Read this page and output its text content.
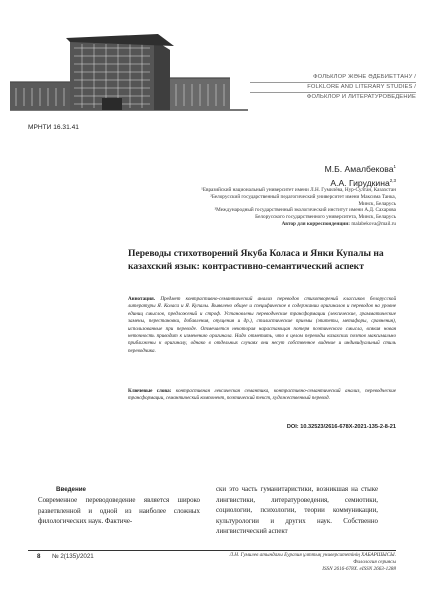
ФОЛЬКЛОР ЖӘНЕ ӘДЕБИЕТТАНУ /
FOLKLORE AND LITERARY STUDIES /
ФОЛЬКЛОР И ЛИТЕРАТУРОВЕДЕНИЕ
МРНТИ 16.31.41
М.Б. Амалбекова$^1$
А.А. Гирудкина$^{2,3}$
¹Евразийский национальный университет имени Л.Н. Гумилёва, Нур-Султан, Казахстан
²Белорусский государственный педагогический университет имени Максима Танка,
Минск, Беларусь
³Международный государственный экологический институт имени А.Д. Сахарова
Белорусского государственного университета, Минск, Беларусь
Автор для корреспонденции: malabekova@mail.ru
Переводы стихотворений Якуба Коласа и Янки Купалы на казахский язык: контрастивно-семантический аспект
Аннотация. Предмет контрастивно-семантический анализ переводов стихотворений классиков белорусской литературы Я. Коласа и Я. Купалы. Выявлено общее и специфическое в содержании оригиналов и переводов на уровне единиц смыслов, предложений и строф. Установлены переводческие трансформации (лексические, грамматические замены, перестановки, добавления, опущения и др.), стилистические приемы (эпитеты, метафоры, сравнения), использованные при переводе. Отмечается некоторая нарастающая потеря поэтического смысла, всякая новая неточность приводит к изменению оригинала. Надо отметить, что в целом переводы казахских поэтов максимально приближены к оригиналу, однако в отдельных случаях они несут собственное видение и индивидуальный стиль переводчика.
Ключевые слова: контрастивная лексическая семантика, контрастивно-семантический анализ, переводческие трансформации, семантический компонент, поэтический текст, художественный перевод.
DOI: 10.32523/2616-678X-2021-135-2-8-21
Введение
Современное переводоведение является широко разветвленной и одной из наиболее сложных филологических наук. Фактиче-
ски это часть гуманитаристики, возникшая на стыке лингвистики, литературоведения, семиотики, социологии, психологии, теории коммуникации, культурологии и других наук. Собственно лингвистический аспект
8 № 2(135)/2021	Л.Н. Гумилев атындағы Еуразия ұлттық университетінің ХАБАРШЫСЫ.
Филология сериясы
ISSN 2616-678X. eISSN 2663-1288
